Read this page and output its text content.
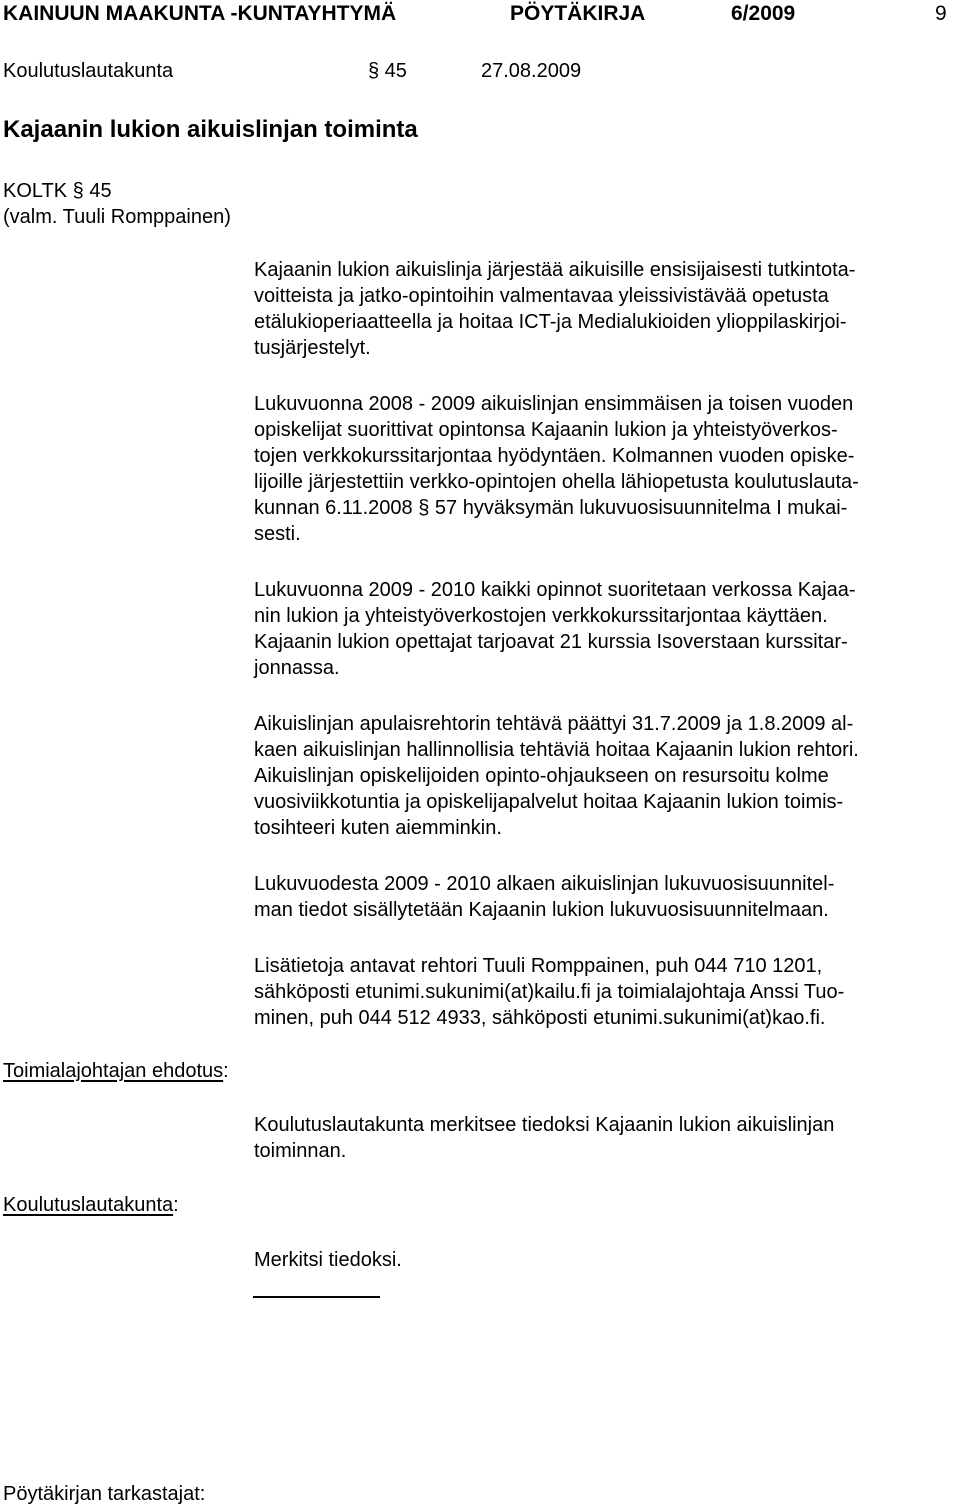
KAINUUN MAAKUNTA -KUNTAYHTYMÄ	PÖYTÄKIRJA	6/2009	9
Koulutuslautakunta	§ 45	27.08.2009
Kajaanin lukion aikuislinjan toiminta
KOLTK § 45
(valm. Tuuli Romppainen)

Kajaanin lukion aikuislinja järjestää aikuisille ensisijaisesti tutkintota-

voitteista ja jatko-opintoihin valmentavaa yleissivistävää opetusta

etälukioperiaatteella ja hoitaa ICT-ja Medialukioiden ylioppilaskirjoi-

tusjärjestelyt.

Lukuvuonna 2008 - 2009 aikuislinjan ensimmäisen ja toisen vuoden

opiskelijat suorittivat opintonsa Kajaanin lukion ja yhteistyöverkos-

tojen verkkokurssitarjontaa hyödyntäen. Kolmannen vuoden opiske-

lijoille järjestettiin verkko-opintojen ohella lähiopetusta koulutuslauta-

kunnan 6.11.2008 § 57 hyväksymän lukuvuosisuunnitelma I mukai-

sesti.

Lukuvuonna 2009 - 2010 kaikki opinnot suoritetaan verkossa Kajaa-

nin lukion ja yhteistyöverkostojen verkkokurssitarjontaa käyttäen.

Kajaanin lukion opettajat tarjoavat 21 kurssia Isoverstaan kurssitar-

jonnassa.

Aikuislinjan apulaisrehtorin tehtävä päättyi 31.7.2009 ja 1.8.2009 al-

kaen aikuislinjan hallinnollisia tehtäviä hoitaa Kajaanin lukion rehtori.

Aikuislinjan opiskelijoiden opinto-ohjaukseen on resursoitu kolme

vuosiviikkotuntia ja opiskelijapalvelut hoitaa Kajaanin lukion toimis-

tosihteeri kuten aiemminkin.

Lukuvuodesta 2009 - 2010 alkaen aikuislinjan lukuvuosisuunnitel-

man tiedot sisällytetään Kajaanin lukion lukuvuosisuunnitelmaan.

Lisätietoja antavat rehtori Tuuli Romppainen, puh 044 710 1201,

sähköposti etunimi.sukunimi(at)kailu.fi ja toimialajohtaja Anssi Tuo-

minen, puh 044 512 4933, sähköposti etunimi.sukunimi(at)kao.fi.

Toimialajohtajan ehdotus:

Koulutuslautakunta merkitsee tiedoksi Kajaanin lukion aikuislinjan

toiminnan.

Koulutuslautakunta:

Merkitsi tiedoksi.

Pöytäkirjan tarkastajat:
